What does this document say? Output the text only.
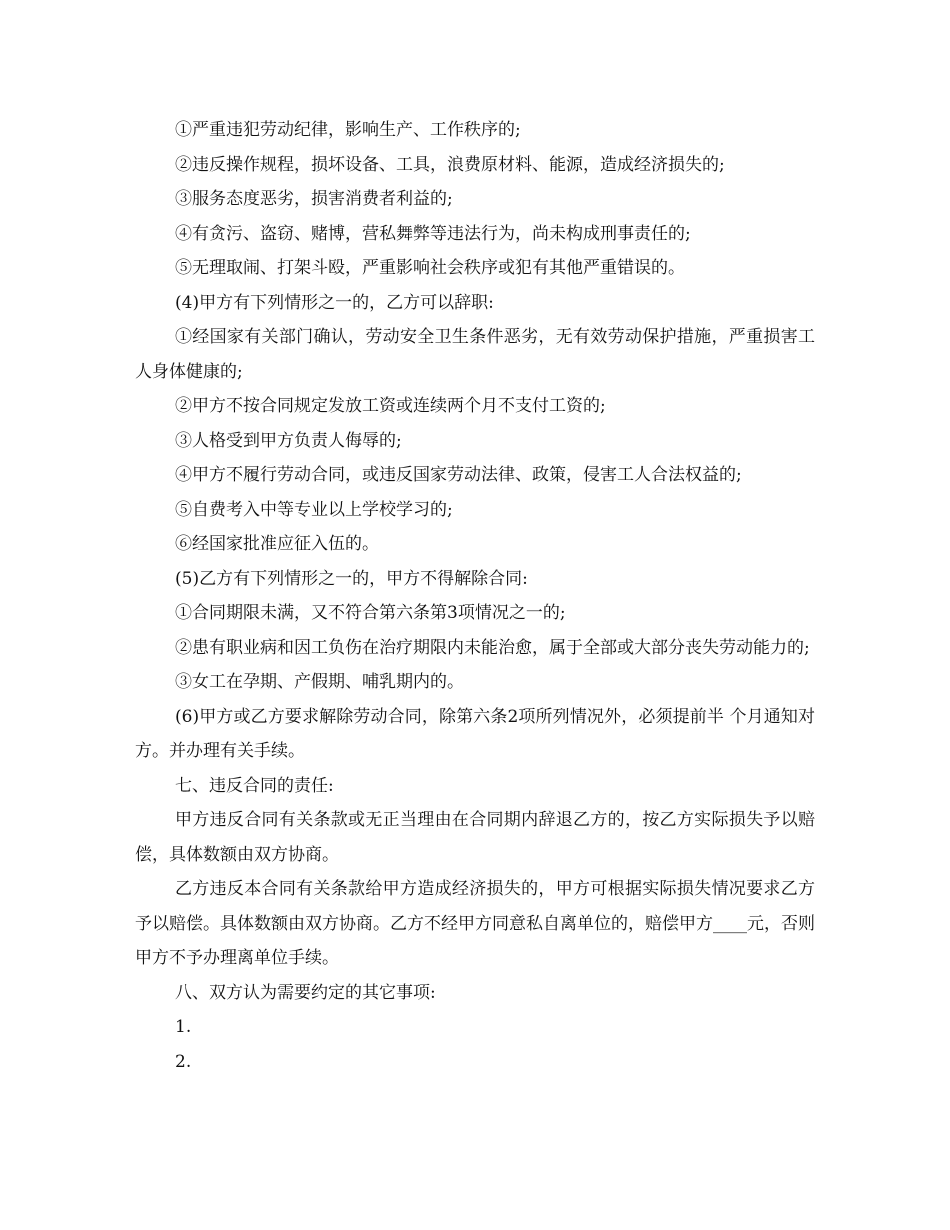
①严重违犯劳动纪律，影响生产、工作秩序的;

②违反操作规程，损坏设备、工具，浪费原材料、能源，造成经济损失的;

③服务态度恶劣，损害消费者利益的;

④有贪污、盗窃、赌博，营私舞弊等违法行为，尚未构成刑事责任的;

⑤无理取闹、打架斗殴，严重影响社会秩序或犯有其他严重错误的。

(4)甲方有下列情形之一的，乙方可以辞职:

①经国家有关部门确认，劳动安全卫生条件恶劣，无有效劳动保护措施，严重损害工人身体健康的;

②甲方不按合同规定发放工资或连续两个月不支付工资的;

③人格受到甲方负责人侮辱的;

④甲方不履行劳动合同，或违反国家劳动法律、政策，侵害工人合法权益的;

⑤自费考入中等专业以上学校学习的;

⑥经国家批准应征入伍的。

(5)乙方有下列情形之一的，甲方不得解除合同:

①合同期限未满，又不符合第六条第3项情况之一的;

②患有职业病和因工负伤在治疗期限内未能治愈，属于全部或大部分丧失劳动能力的;

③女工在孕期、产假期、哺乳期内的。

(6)甲方或乙方要求解除劳动合同，除第六条2项所列情况外，必须提前半 个月通知对方。并办理有关手续。

七、违反合同的责任:

甲方违反合同有关条款或无正当理由在合同期内辞退乙方的，按乙方实际损失予以赔偿，具体数额由双方协商。

乙方违反本合同有关条款给甲方造成经济损失的，甲方可根据实际损失情况要求乙方予以赔偿。具体数额由双方协商。乙方不经甲方同意私自离单位的，赔偿甲方____元，否则甲方不予办理离单位手续。

八、双方认为需要约定的其它事项:

1.

2.
